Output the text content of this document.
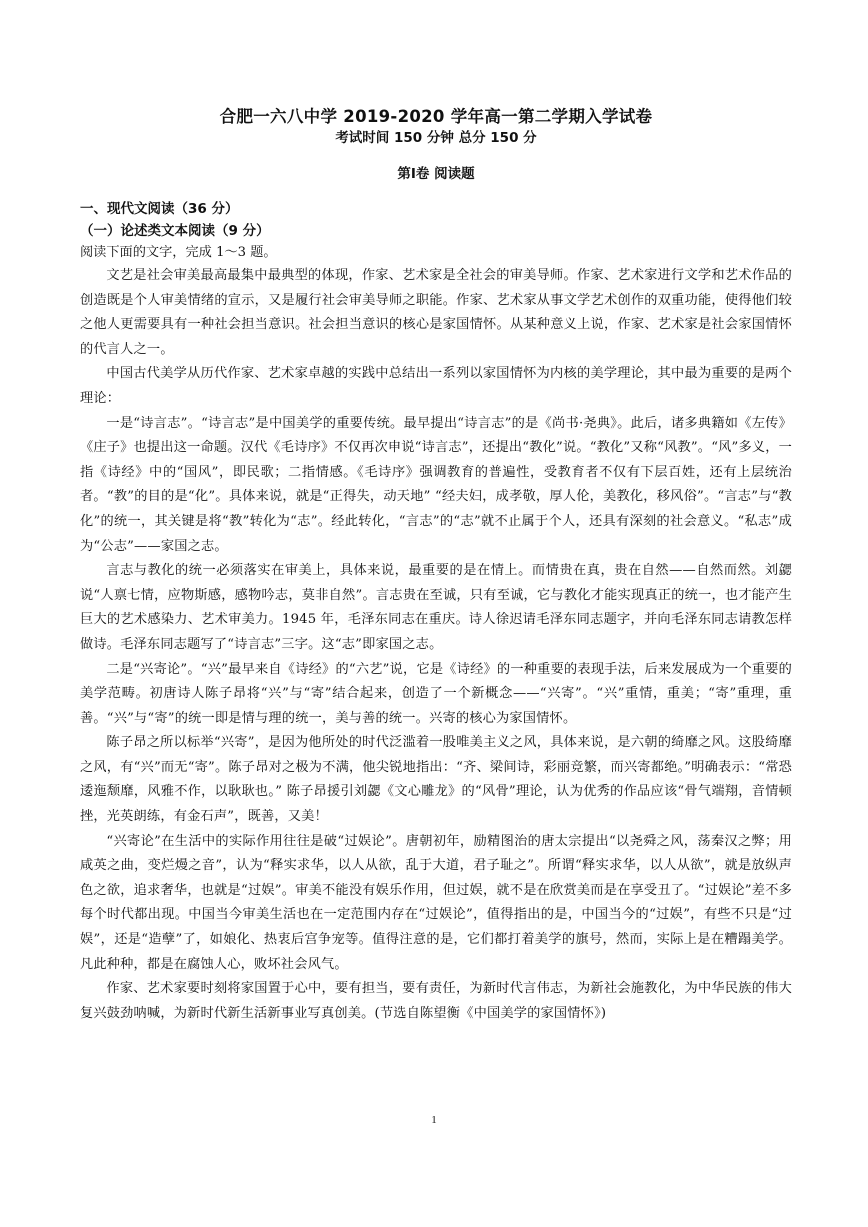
合肥一六八中学 2019-2020 学年高一第二学期入学试卷
考试时间 150 分钟 总分 150 分
第Ⅰ卷 阅读题
一、现代文阅读（36 分）
（一）论述类文本阅读（9 分）
阅读下面的文字，完成 1～3 题。

文艺是社会审美最高最集中最典型的体现，作家、艺术家是全社会的审美导师。作家、艺术家进行文学和艺术作品的创造既是个人审美情绪的宣示，又是履行社会审美导师之职能。作家、艺术家从事文学艺术创作的双重功能，使得他们较之他人更需要具有一种社会担当意识。社会担当意识的核心是家国情怀。从某种意义上说，作家、艺术家是社会家国情怀的代言人之一。

中国古代美学从历代作家、艺术家卓越的实践中总结出一系列以家国情怀为内核的美学理论，其中最为重要的是两个理论：

一是“诗言志”。“诗言志”是中国美学的重要传统。最早提出“诗言志”的是《尚书·尧典》。此后，诸多典籍如《左传》《庄子》也提出这一命题。汉代《毛诗序》不仅再次申说“诗言志”，还提出“教化”说。“教化”又称“风教”。“风”多义，一指《诗经》中的“国风”，即民歌；二指情感。《毛诗序》强调教育的普遍性，受教育者不仅有下层百姓，还有上层统治者。“教”的目的是“化”。具体来说，就是“正得失，动天地” “经夫妇，成孝敬，厚人伦，美教化，移风俗”。“言志”与“教化”的统一，其关键是将“教”转化为“志”。经此转化，“言志”的“志”就不止属于个人，还具有深刻的社会意义。“私志”成为“公志”——家国之志。

言志与教化的统一必须落实在审美上，具体来说，最重要的是在情上。而情贵在真，贵在自然——自然而然。刘勰说“人禀七情，应物斯感，感物吟志，莫非自然”。言志贵在至诚，只有至诚，它与教化才能实现真正的统一，也才能产生巨大的艺术感染力、艺术审美力。1945 年，毛泽东同志在重庆。诗人徐迟请毛泽东同志题字，并向毛泽东同志请教怎样做诗。毛泽东同志题写了“诗言志”三字。这“志”即家国之志。

二是“兴寄论”。“兴”最早来自《诗经》的“六艺”说，它是《诗经》的一种重要的表现手法，后来发展成为一个重要的美学范畴。初唐诗人陈子昂将“兴”与“寄”结合起来，创造了一个新概念——“兴寄”。“兴”重情，重美；“寄”重理，重善。“兴”与“寄”的统一即是情与理的统一，美与善的统一。兴寄的核心为家国情怀。

陈子昂之所以标举“兴寄”，是因为他所处的时代泛滥着一股唯美主义之风，具体来说，是六朝的绮靡之风。这股绮靡之风，有“兴”而无“寄”。陈子昂对之极为不满，他尖锐地指出：“齐、梁间诗，彩丽竞繁，而兴寄都绝。”明确表示：“常恐逶迤颓靡，风雅不作，以耿耿也。” 陈子昂援引刘勰《文心雕龙》的“风骨”理论，认为优秀的作品应该“骨气端翔，音情顿挫，光英朗练，有金石声”，既善，又美！

“兴寄论”在生活中的实际作用往往是破“过娱论”。唐朝初年，励精图治的唐太宗提出“以尧舜之风，荡秦汉之弊；用咸英之曲，变烂熳之音”，认为“释实求华，以人从欲，乱于大道，君子耻之”。所谓“释实求华，以人从欲”，就是放纵声色之欲，追求奢华，也就是“过娱”。审美不能没有娱乐作用，但过娱，就不是在欣赏美而是在享受丑了。“过娱论”差不多每个时代都出现。中国当今审美生活也在一定范围内存在“过娱论”，值得指出的是，中国当今的“过娱”，有些不只是“过娱”，还是“造孽”了，如娘化、热衷后宫争宠等。值得注意的是，它们都打着美学的旗号，然而，实际上是在糟蹋美学。凡此种种，都是在腐蚀人心，败坏社会风气。

作家、艺术家要时刻将家国置于心中，要有担当，要有责任，为新时代言伟志，为新社会施教化，为中华民族的伟大复兴鼓劲呐喊，为新时代新生活新事业写真创美。(节选自陈望衡《中国美学的家国情怀》)

1
